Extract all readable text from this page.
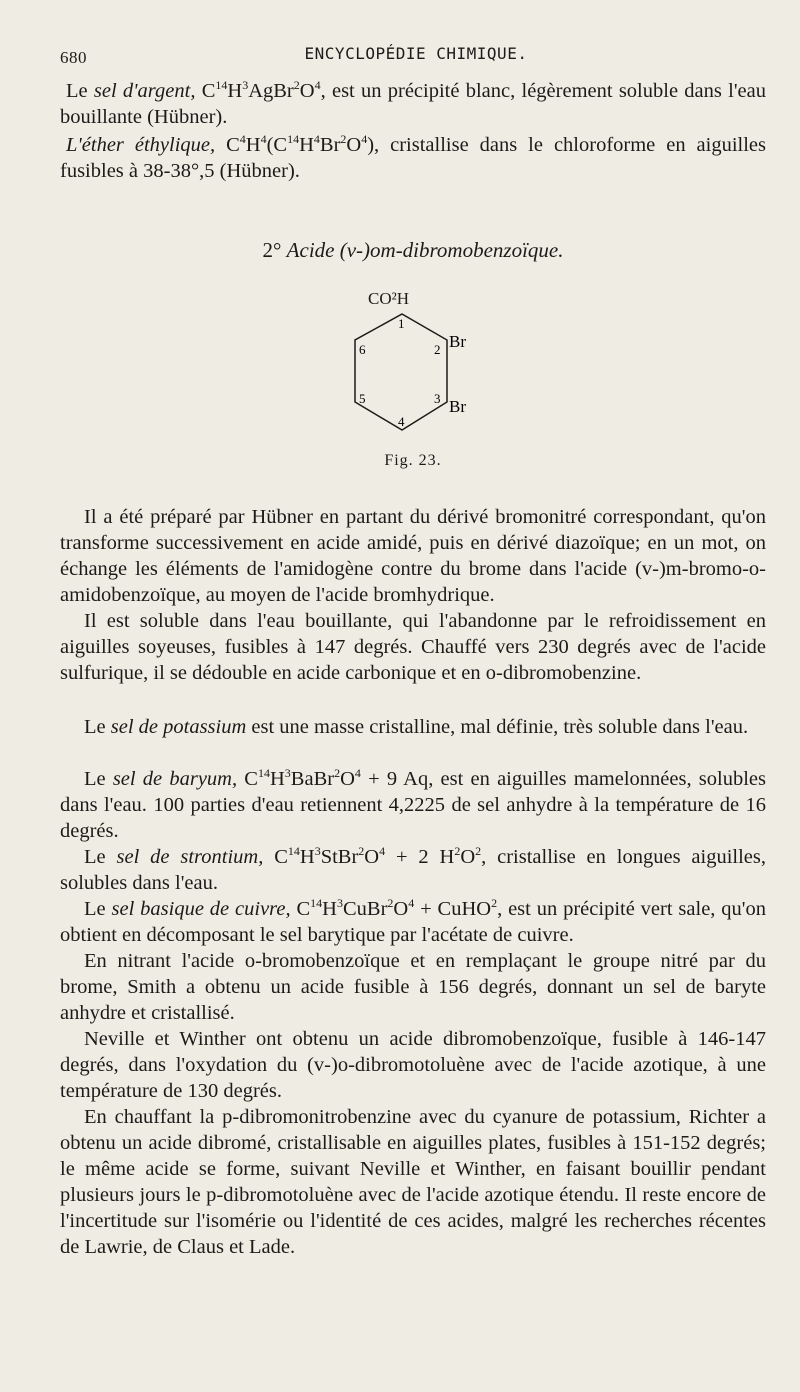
680	ENCYCLOPÉDIE CHIMIQUE.
Le sel d'argent, $C^{14}H^3AgBr^2O^4$, est un précipité blanc, légèrement soluble dans l'eau bouillante (Hübner).
L'éther éthylique, $C^4H^4(C^{14}H^4Br^2O^4)$, cristallise dans le chloroforme en aiguilles fusibles à 38-38°,5 (Hübner).
2° Acide (v-)om-dibromobenzoïque.
CO²H
1
2
3
4
5
6	Br
Br
Fig. 23.
Il a été préparé par Hübner en partant du dérivé bromonitré correspondant, qu'on transforme successivement en acide amidé, puis en dérivé diazoïque; en un mot, on échange les éléments de l'amidogène contre du brome dans l'acide (v-)m-bromo-o-amidobenzoïque, au moyen de l'acide bromhydrique.
Il est soluble dans l'eau bouillante, qui l'abandonne par le refroidissement en aiguilles soyeuses, fusibles à 147 degrés. Chauffé vers 230 degrés avec de l'acide sulfurique, il se dédouble en acide carbonique et en o-dibromobenzine.
Le sel de potassium est une masse cristalline, mal définie, très soluble dans l'eau.
Le sel de baryum, $C^{14}H^3BaBr^2O^4 + 9$ Aq, est en aiguilles mamelonnées, solubles dans l'eau. 100 parties d'eau retiennent 4,2225 de sel anhydre à la température de 16 degrés.
Le sel de strontium, $C^{14}H^3StBr^2O^4 + 2$ $H^2O^2$, cristallise en longues aiguilles, solubles dans l'eau.
Le sel basique de cuivre, $C^{14}H^3CuBr^2O^4$ + CuHO$^2$, est un précipité vert sale, qu'on obtient en décomposant le sel barytique par l'acétate de cuivre.
En nitrant l'acide o-bromobenzoïque et en remplaçant le groupe nitré par du brome, Smith a obtenu un acide fusible à 156 degrés, donnant un sel de baryte anhydre et cristallisé.
Neville et Winther ont obtenu un acide dibromobenzoïque, fusible à 146-147 degrés, dans l'oxydation du (v-)o-dibromotoluène avec de l'acide azotique, à une température de 130 degrés.
En chauffant la p-dibromonitrobenzine avec du cyanure de potassium, Richter a obtenu un acide dibromé, cristallisable en aiguilles plates, fusibles à 151-152 degrés; le même acide se forme, suivant Neville et Winther, en faisant bouillir pendant plusieurs jours le p-dibromotoluène avec de l'acide azotique étendu. Il reste encore de l'incertitude sur l'isomérie ou l'identité de ces acides, malgré les recherches récentes de Lawrie, de Claus et Lade.
